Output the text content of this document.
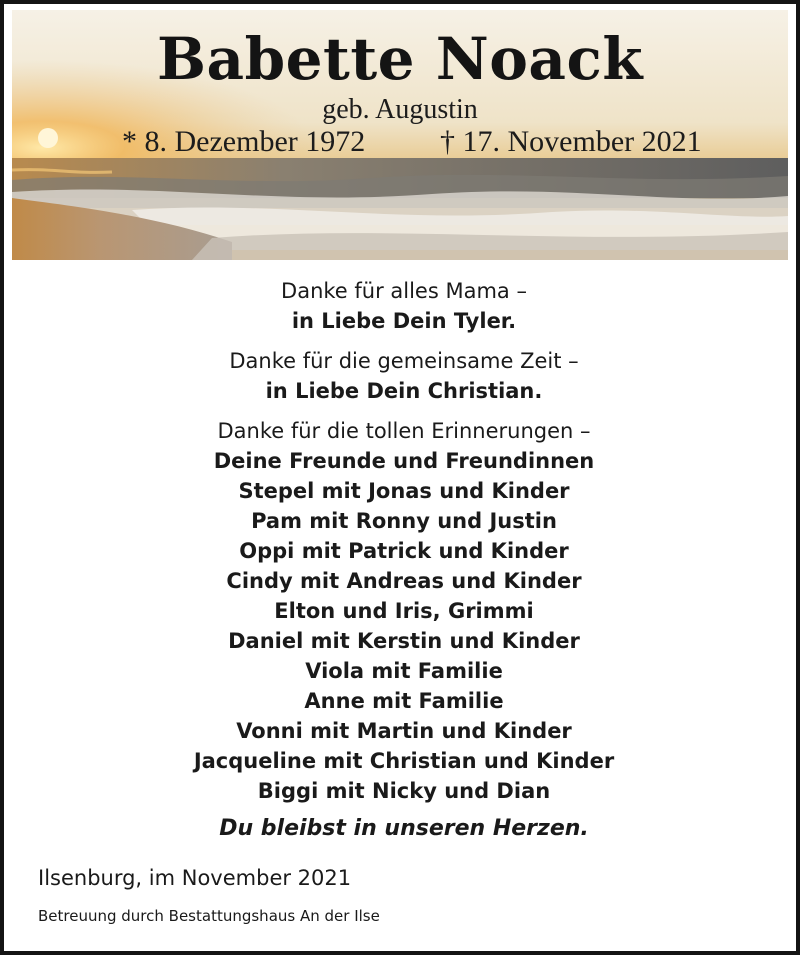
Babette Noack
geb. Augustin
* 8. Dezember 1972 † 17. November 2021
Danke für alles Mama –
in Liebe Dein Tyler.
Danke für die gemeinsame Zeit –
in Liebe Dein Christian.
Danke für die tollen Erinnerungen –
Deine Freunde und Freundinnen
Stepel mit Jonas und Kinder
Pam mit Ronny und Justin
Oppi mit Patrick und Kinder
Cindy mit Andreas und Kinder
Elton und Iris, Grimmi
Daniel mit Kerstin und Kinder
Viola mit Familie
Anne mit Familie
Vonni mit Martin und Kinder
Jacqueline mit Christian und Kinder
Biggi mit Nicky und Dian
Du bleibst in unseren Herzen.
Ilsenburg, im November 2021
Betreuung durch Bestattungshaus An der Ilse
